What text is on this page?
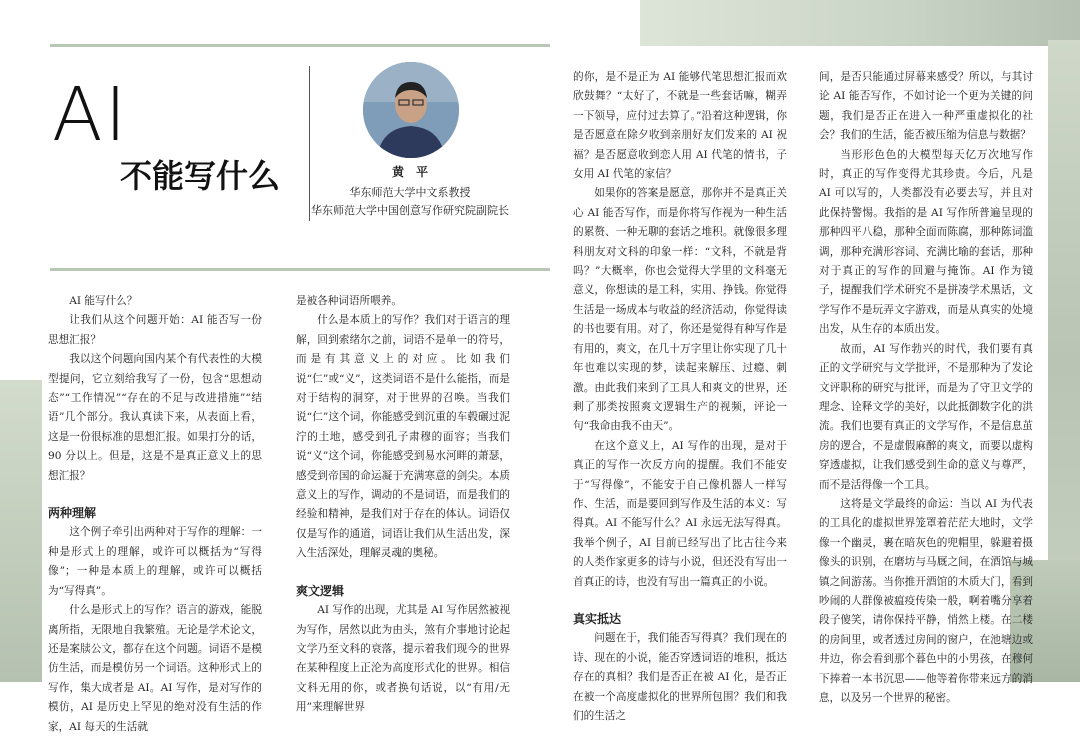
AI
不能写什么	黄　平

华东师范大学中文系教授

华东师范大学中国创意写作研究院副院长

AI 能写什么？

让我们从这个问题开始：AI 能否写一份思想汇报？

我以这个问题向国内某个有代表性的大模型提问，它立刻给我写了一份，包含“思想动态”“工作情况”“存在的不足与改进措施”“结语”几个部分。我认真读下来，从表面上看，这是一份很标准的思想汇报。如果打分的话，90 分以上。但是，这是不是真正意义上的思想汇报？

两种理解

这个例子牵引出两种对于写作的理解：一种是形式上的理解，或许可以概括为“写得像”；一种是本质上的理解，或许可以概括为“写得真”。

什么是形式上的写作？语言的游戏，能脱离所指，无限地自我繁殖。无论是学术论文，还是案牍公文，都存在这个问题。词语不是模仿生活，而是模仿另一个词语。这种形式上的写作，集大成者是 AI。AI 写作，是对写作的模仿，AI 是历史上罕见的绝对没有生活的作家，AI 每天的生活就

是被各种词语所喂养。

什么是本质上的写作？我们对于语言的理解，回到索绪尔之前，词语不是单一的符号，而是有其意义上的对应。比如我们说“仁”或“义”，这类词语不是什么能指，而是对于结构的洞穿，对于世界的召唤。当我们说“仁”这个词，你能感受到沉重的车毂碾过泥泞的土地，感受到孔子肃穆的面容；当我们说“义”这个词，你能感受到易水河畔的萧瑟，感受到帝国的命运凝于充满寒意的剑尖。本质意义上的写作，调动的不是词语，而是我们的经验和精神，是我们对于存在的体认。词语仅仅是写作的通道，词语让我们从生活出发，深入生活深处，理解灵魂的奥秘。

爽文逻辑

AI 写作的出现，尤其是 AI 写作居然被视为写作，居然以此为由头，煞有介事地讨论起文学乃至文科的衰落，提示着我们现今的世界在某种程度上正沦为高度形式化的世界。相信文科无用的你，或者换句话说，以“有用/无用”来理解世界

的你，是不是正为 AI 能够代笔思想汇报而欢欣鼓舞？“太好了，不就是一些套话嘛，糊弄一下领导，应付过去算了。”沿着这种逻辑，你是否愿意在除夕收到亲朋好友们发来的 AI 祝福？是否愿意收到恋人用 AI 代笔的情书，子女用 AI 代笔的家信？

如果你的答案是愿意，那你并不是真正关心 AI 能否写作，而是你将写作视为一种生活的累赘、一种无聊的套话之堆积。就像很多理科朋友对文科的印象一样：“文科，不就是背吗？”大概率，你也会觉得大学里的文科毫无意义，你想读的是工科，实用、挣钱。你觉得生活是一场成本与收益的经济活动，你觉得读的书也要有用。对了，你还是觉得有种写作是有用的，爽文，在几十万字里让你实现了几十年也难以实现的梦，读起来解压、过瘾、刺激。由此我们来到了工具人和爽文的世界，还剩了那类按照爽文逻辑生产的视频，评论一句“我命由我不由天”。

在这个意义上，AI 写作的出现，是对于真正的写作一次反方向的提醒。我们不能安于“写得像”，不能安于自己像机器人一样写作、生活，而是要回到写作及生活的本义：写得真。AI 不能写什么？AI 永远无法写得真。我举个例子，AI 目前已经写出了比古往今来的人类作家更多的诗与小说，但还没有写出一首真正的诗，也没有写出一篇真正的小说。

真实抵达

问题在于，我们能否写得真？我们现在的诗、现在的小说，能否穿透词语的堆积，抵达存在的真相？我们是否正在被 AI 化，是否正在被一个高度虚拟化的世界所包围？我们和我们的生活之

间，是否只能通过屏幕来感受？所以，与其讨论 AI 能否写作，不如讨论一个更为关键的问题，我们是否正在进入一种严重虚拟化的社会？我们的生活，能否被压缩为信息与数据？

当形形色色的大模型每天亿万次地写作时，真正的写作变得尤其珍贵。今后，凡是 AI 可以写的，人类都没有必要去写，并且对此保持警惕。我指的是 AI 写作所普遍呈现的那种四平八稳，那种全面而陈腐，那种陈词滥调，那种充满形容词、充满比喻的套话，那种对于真正的写作的回避与掩饰。AI 作为镜子，提醒我们学术研究不是拼凑学术黑话，文学写作不是玩弄文字游戏，而是从真实的处境出发，从生存的本质出发。

故而，AI 写作勃兴的时代，我们要有真正的文学研究与文学批评，不是那种为了发论文评职称的研究与批评，而是为了守卫文学的理念、诠释文学的美好，以此抵御数字化的洪流。我们也要有真正的文学写作，不是信息茧房的逻合，不是虚假麻醉的爽文，而要以虚构穿透虚拟，让我们感受到生命的意义与尊严，而不是活得像一个工具。

这将是文学最终的命运：当以 AI 为代表的工具化的虚拟世界笼罩着茫茫大地时，文学像一个幽灵，裹在暗灰色的兜帽里，躲避着摄像头的识别，在磨坊与马厩之间，在酒馆与城镇之间游荡。当你推开酒馆的木质大门，看到吵闹的人群像被瘟疫传染一般，啊着嘴分享着段子傻笑，请你保持平静，悄然上楼。在二楼的房间里，或者透过房间的窗户，在池塘边或井边，你会看到那个暮色中的小男孩，在穆何下捧着一本书沉思——他等着你带来远方的消息，以及另一个世界的秘密。
